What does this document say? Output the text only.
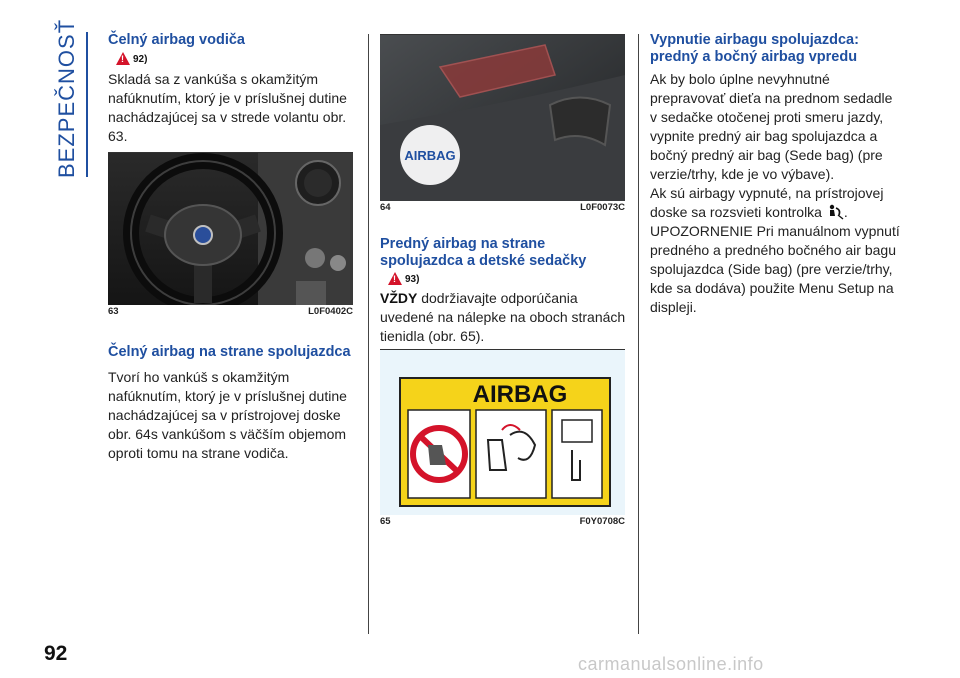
BEZPEČNOSŤ Čelný airbag vodiča
!
92)

Skladá sa z vankúša s okamžitým nafúknutím, ktorý je v príslušnej dutine nachádzajúcej sa v strede volantu obr. 63.

63	L0F0402C
Čelný airbag na strane spolujazdca

Tvorí ho vankúš s okamžitým nafúknutím, ktorý je v príslušnej dutine nachádzajúcej sa v prístrojovej doske obr. 64s vankúšom s väčším objemom oproti tomu na strane vodiča.

AIRBAG
64	L0F0073C
Predný airbag na strane spolujazdca a detské sedačky
!
93)

VŽDY dodržiavajte odporúčania uvedené na nálepke na oboch stranách tienidla (obr. 65).

AIRBAG
65	F0Y0708C
Vypnutie airbagu spolujazdca: predný a bočný airbag vpredu

Ak by bolo úplne nevyhnutné prepravovať dieťa na prednom sedadle v sedačke otočenej proti smeru jazdy, vypnite predný air bag spolujazdca a bočný predný air bag (Sede bag) (pre verzie/trhy, kde je vo výbave).

Ak sú airbagy vypnuté, na prístrojovej doske sa rozsvieti kontrolka .

UPOZORNENIE Pri manuálnom vypnutí predného a predného bočného air bagu spolujazdca (Side bag) (pre verzie/trhy, kde sa dodáva) použite Menu Setup na displeji.

92	carmanualsonline.info
